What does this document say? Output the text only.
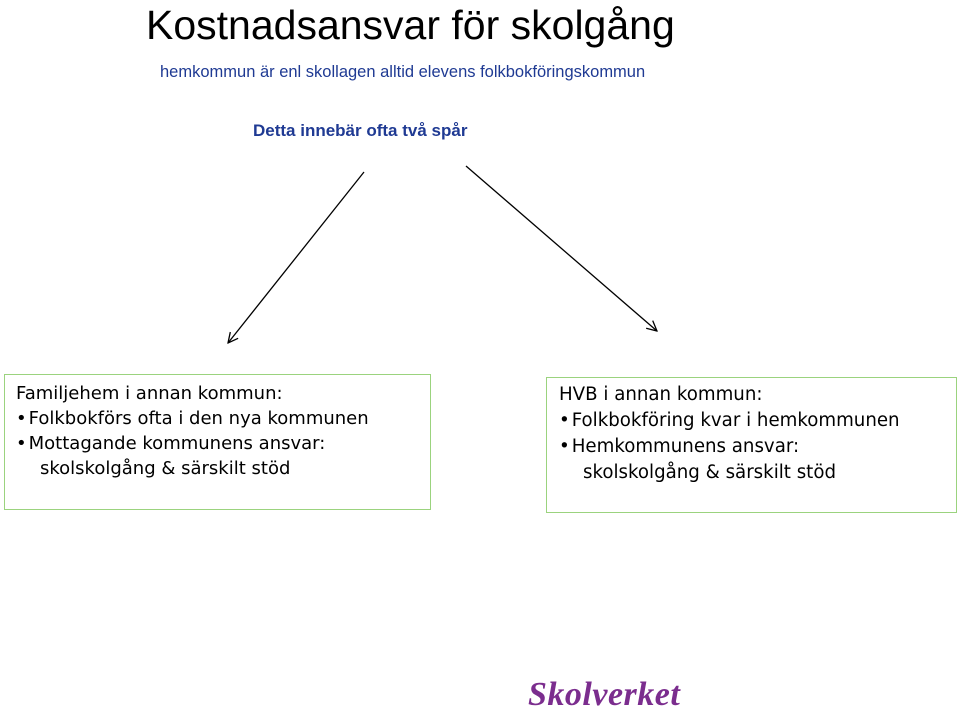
Kostnadsansvar för skolgång
hemkommun är enl skollagen alltid elevens folkbokföringskommun
Detta innebär ofta två spår
Familjehem i annan kommun:
• Folkbokförs ofta i den nya kommunen
• Mottagande kommunens ansvar:
skolskolgång & särskilt stöd
HVB i annan kommun:
• Folkbokföring kvar i hemkommunen
• Hemkommunens ansvar:
skolskolgång & särskilt stöd
Skolverket
